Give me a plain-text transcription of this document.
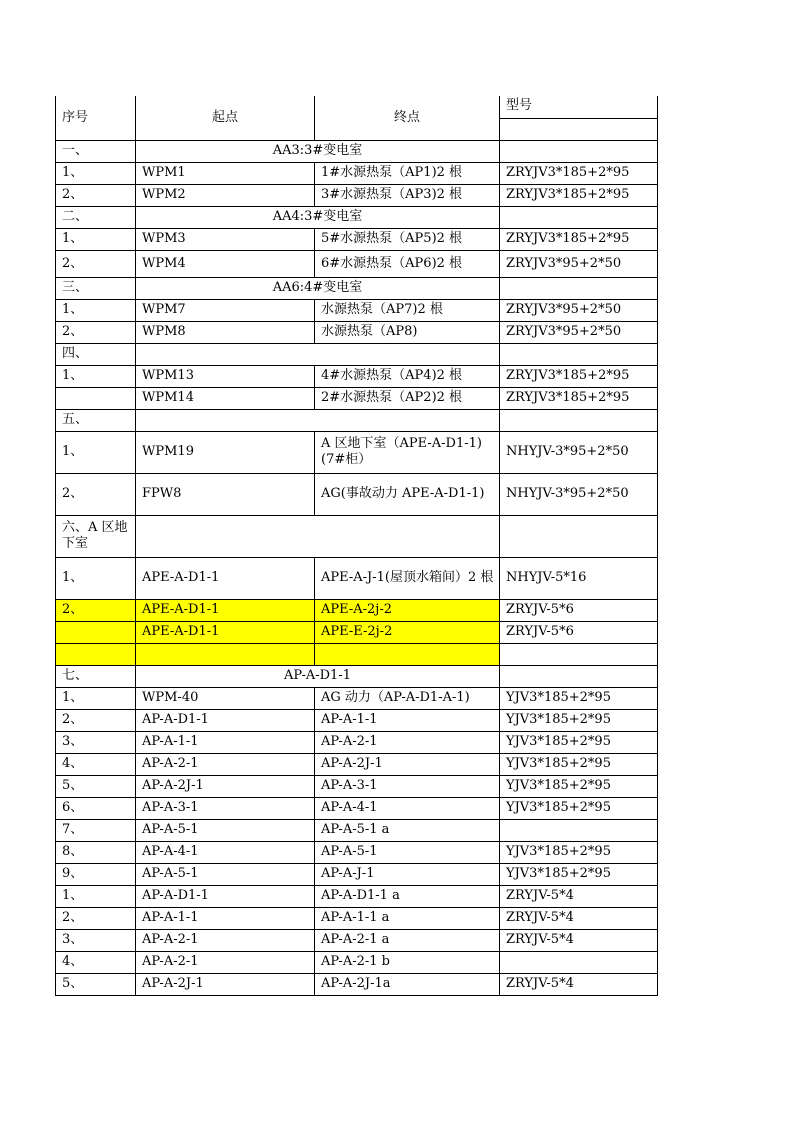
序号	起点	终点	型号

一、	AA3:3#变电室		
1、	WPM1	1#水源热泵（AP1)2 根	ZRYJV3*185+2*95
2、	WPM2	3#水源热泵（AP3)2 根	ZRYJV3*185+2*95
二、	AA4:3#变电室		
1、	WPM3	5#水源热泵（AP5)2 根	ZRYJV3*185+2*95
2、	WPM4	6#水源热泵（AP6)2 根	ZRYJV3*95+2*50
三、	AA6:4#变电室		
1、	WPM7	水源热泵（AP7)2 根	ZRYJV3*95+2*50
2、	WPM8	水源热泵（AP8)	ZRYJV3*95+2*50
四、			
1、	WPM13	4#水源热泵（AP4)2 根	ZRYJV3*185+2*95
	WPM14	2#水源热泵（AP2)2 根	ZRYJV3*185+2*95
五、			
1、	WPM19	A 区地下室（APE-A-D1-1)(7#柜）	NHYJV-3*95+2*50
2、	FPW8	AG(事故动力 APE-A-D1-1)	NHYJV-3*95+2*50
六、A 区地下室			
1、	APE-A-D1-1	APE-A-J-1(屋顶水箱间）2 根	NHYJV-5*16
2、	APE-A-D1-1	APE-A-2j-2	ZRYJV-5*6
	APE-A-D1-1	APE-E-2j-2	ZRYJV-5*6

七、	AP-A-D1-1		
1、	WPM-40	AG 动力（AP-A-D1-A-1)	YJV3*185+2*95
2、	AP-A-D1-1	AP-A-1-1	YJV3*185+2*95
3、	AP-A-1-1	AP-A-2-1	YJV3*185+2*95
4、	AP-A-2-1	AP-A-2J-1	YJV3*185+2*95
5、	AP-A-2J-1	AP-A-3-1	YJV3*185+2*95
6、	AP-A-3-1	AP-A-4-1	YJV3*185+2*95
7、	AP-A-5-1	AP-A-5-1 a	
8、	AP-A-4-1	AP-A-5-1	YJV3*185+2*95
9、	AP-A-5-1	AP-A-J-1	YJV3*185+2*95
1、	AP-A-D1-1	AP-A-D1-1 a	ZRYJV-5*4
2、	AP-A-1-1	AP-A-1-1 a	ZRYJV-5*4
3、	AP-A-2-1	AP-A-2-1 a	ZRYJV-5*4
4、	AP-A-2-1	AP-A-2-1 b	
5、	AP-A-2J-1	AP-A-2J-1a	ZRYJV-5*4
